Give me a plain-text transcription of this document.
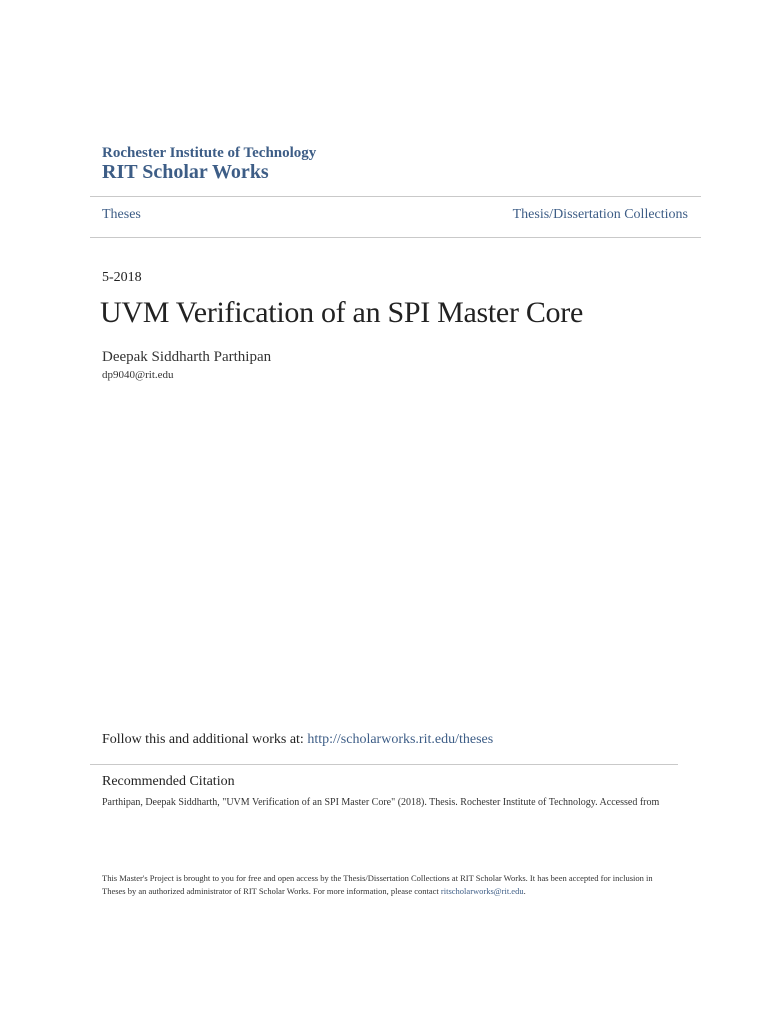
Rochester Institute of Technology
RIT Scholar Works
Theses	Thesis/Dissertation Collections
5-2018
UVM Verification of an SPI Master Core
Deepak Siddharth Parthipan
dp9040@rit.edu
Follow this and additional works at: http://scholarworks.rit.edu/theses
Recommended Citation
Parthipan, Deepak Siddharth, "UVM Verification of an SPI Master Core" (2018). Thesis. Rochester Institute of Technology. Accessed from
This Master's Project is brought to you for free and open access by the Thesis/Dissertation Collections at RIT Scholar Works. It has been accepted for inclusion in Theses by an authorized administrator of RIT Scholar Works. For more information, please contact ritscholarworks@rit.edu.
